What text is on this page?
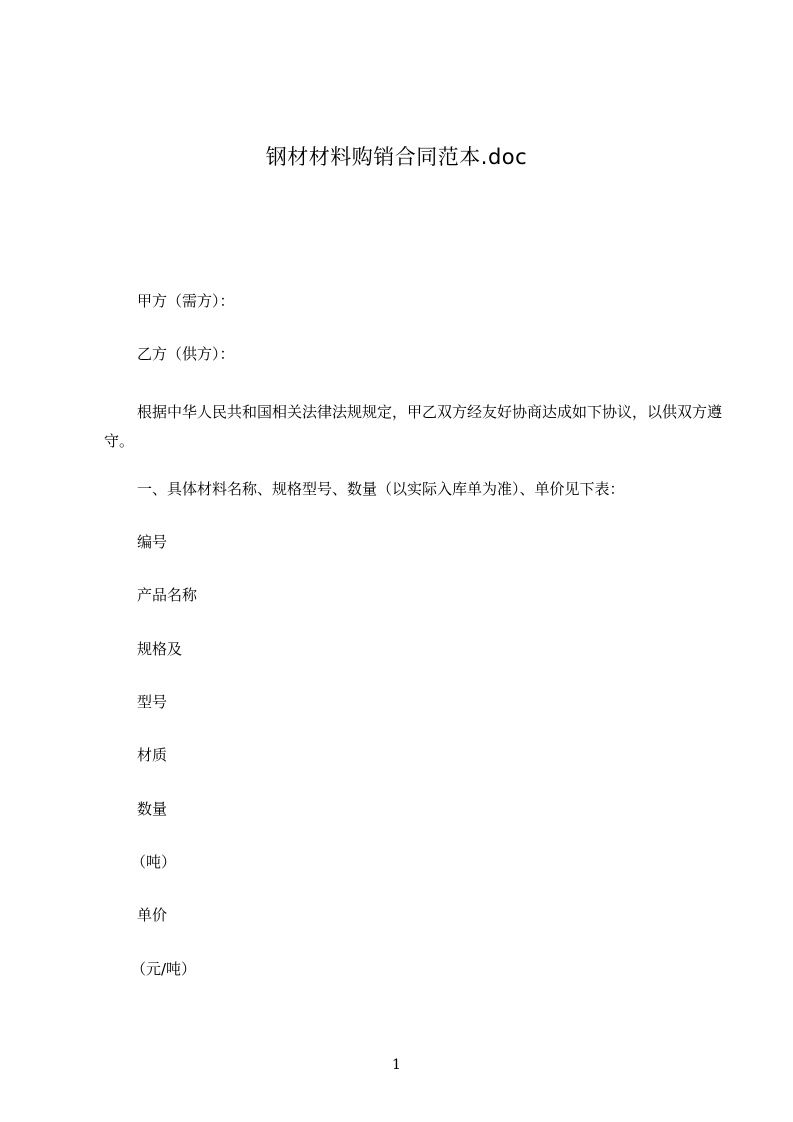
钢材材料购销合同范本.doc
甲方（需方）：
乙方（供方）：
根据中华人民共和国相关法律法规规定，甲乙双方经友好协商达成如下协议，以供双方遵守。
一、具体材料名称、规格型号、数量（以实际入库单为准）、单价见下表：
编号
产品名称
规格及
型号
材质
数量
（吨）
单价
（元/吨）
1
